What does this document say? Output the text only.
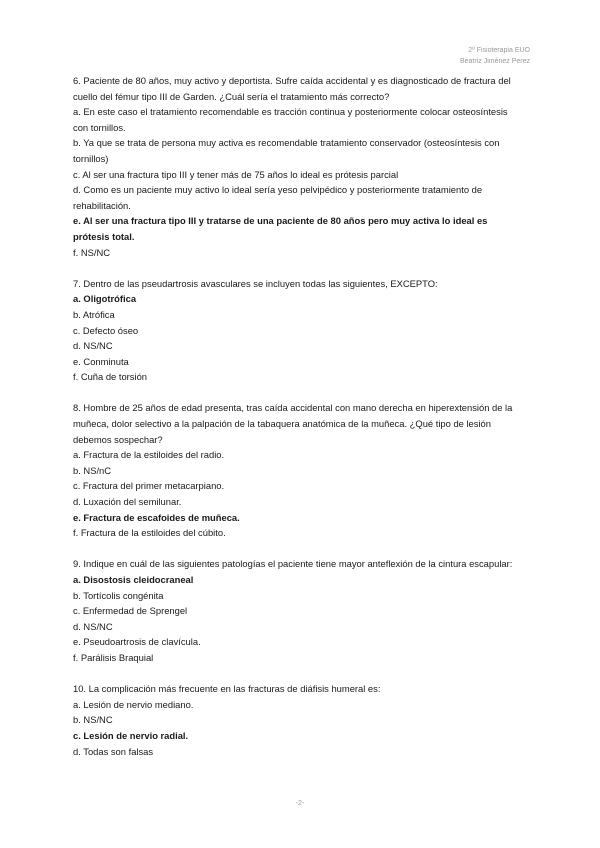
2º Fisioterapia EUO
Beatriz Jiménez Perez

6. Paciente de 80 años, muy activo y deportista. Sufre caída accidental y es diagnosticado de fractura del cuello del fémur tipo III de Garden. ¿Cuál sería el tratamiento más correcto?

a. En este caso el tratamiento recomendable es tracción continua y posteriormente colocar osteosíntesis con tornillos.

b. Ya que se trata de persona muy activa es recomendable tratamiento conservador (osteosíntesis con tornillos)

c. Al ser una fractura tipo III y tener más de 75 años lo ideal es prótesis parcial

d. Como es un paciente muy activo lo ideal sería yeso pelvipédico y posteriormente tratamiento de rehabilitación.

e. Al ser una fractura tipo III y tratarse de una paciente de 80 años pero muy activa lo ideal es prótesis total.

f. NS/NC

7. Dentro de las pseudartrosis avasculares se incluyen todas las siguientes, EXCEPTO:

a. Oligotrófica

b. Atrófica

c. Defecto óseo

d. NS/NC

e. Conminuta

f. Cuña de torsión

8. Hombre de 25 años de edad presenta, tras caída accidental con mano derecha en hiperextensión de la muñeca, dolor selectivo a la palpación de la tabaquera anatómica de la muñeca. ¿Qué tipo de lesión debemos sospechar?

a. Fractura de la estiloides del radio.

b. NS/nC

c. Fractura del primer metacarpiano.

d. Luxación del semilunar.

e. Fractura de escafoides de muñeca.

f. Fractura de la estiloides del cúbito.

9. Indique en cuál de las siguientes patologías el paciente tiene mayor anteflexión de la cintura escapular:

a. Disostosis cleidocraneal

b. Tortícolis congénita

c. Enfermedad de Sprengel

d. NS/NC

e. Pseudoartrosis de clavícula.

f. Parálisis Braquial

10. La complicación más frecuente en las fracturas de diáfisis humeral es:

a. Lesión de nervio mediano.

b. NS/NC

c. Lesión de nervio radial.

d. Todas son falsas

-2-
